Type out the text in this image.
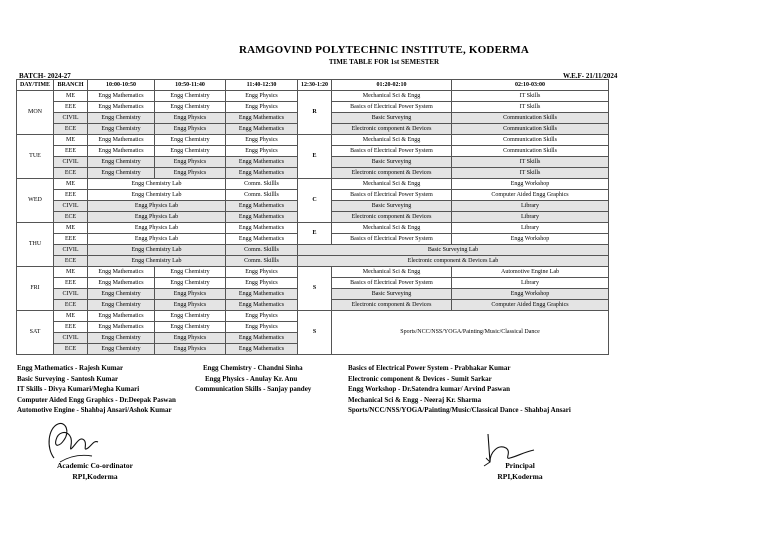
RAMGOVIND POLYTECHNIC INSTITUTE, KODERMA
TIME TABLE FOR 1st SEMESTER
BATCH- 2024-27	W.E.F- 21/11/2024
DAY/TIME	BRANCH	10:00-10:50	10:50-11:40	11:40-12:30	12:30-1:20	01:20-02:10	02:10-03:00
MON	ME	Engg Mathematics	Engg Chemistry	Engg Physics	R	Mechanical Sci & Engg	IT Skills
	EEE	Engg Mathematics	Engg Chemistry	Engg Physics		Basics of Electrical Power System	IT Skills
	CIVIL	Engg Chemistry	Engg Physics	Engg Mathematics		Basic Surveying	Communication Skills
	ECE	Engg Chemistry	Engg Physics	Engg Mathematics		Electronic component & Devices	Communication Skills
TUE	ME	Engg Mathematics	Engg Chemistry	Engg Physics	E	Mechanical Sci & Engg	Communication Skills
	EEE	Engg Mathematics	Engg Chemistry	Engg Physics		Basics of Electrical Power System	Communication Skills
	CIVIL	Engg Chemistry	Engg Physics	Engg Mathematics		Basic Surveying	IT Skills
	ECE	Engg Chemistry	Engg Physics	Engg Mathematics		Electronic component & Devices	IT Skills
WED	ME	Engg Chemistry Lab		Comm. Skillls	C	Mechanical Sci & Engg	Engg Workshop
	EEE	Engg Chemistry Lab		Comm. Skillls		Basics of Electrical Power System	Computer Aided Engg Graphics
	CIVIL	Engg Physics Lab		Engg Mathematics		Basic Surveying	Library
	ECE	Engg Physics Lab		Engg Mathematics		Electronic component & Devices	Library
THU	ME	Engg Physics Lab		Engg Mathematics	E	Mechanical Sci & Engg	Library
	EEE	Engg Physics Lab		Engg Mathematics		Basics of Electrical Power System	Engg Workshop
	CIVIL	Engg Chemistry Lab		Comm. Skillls	Basic Surveying Lab		
	ECE	Engg Chemistry Lab		Comm. Skillls	Electronic component & Devices Lab		
FRI	ME	Engg Mathematics	Engg Chemistry	Engg Physics	S	Mechanical Sci & Engg	Automotive Engine Lab
	EEE	Engg Mathematics	Engg Chemistry	Engg Physics		Basics of Electrical Power System	Library
	CIVIL	Engg Chemistry	Engg Physics	Engg Mathematics		Basic Surveying	Engg Workshop
	ECE	Engg Chemistry	Engg Physics	Engg Mathematics		Electronic component & Devices	Computer Aided Engg Graphics
SAT	ME	Engg Mathematics	Engg Chemistry	Engg Physics	S	Sports/NCC/NSS/YOGA/Painting/Music/Classical Dance	
	EEE	Engg Mathematics	Engg Chemistry	Engg Physics			
	CIVIL	Engg Chemistry	Engg Physics	Engg Mathematics			
	ECE	Engg Chemistry	Engg Physics	Engg Mathematics			
Engg Mathematics - Rajesh Kumar
Basic Surveying - Santosh Kumar
IT Skills - Divya Kumari/Megha Kumari
Computer Aided Engg Graphics - Dr.Deepak Paswan
Automotive Engine - Shahbaj Ansari/Ashok Kumar
Engg Chemistry - Chandni Sinha
Engg Physics - Anulay Kr. Anu
Communication Skills - Sanjay pandey
Basics of Electrical Power System - Prabhakar Kumar
Electronic component & Devices - Sumit Sarkar
Engg Workshop - Dr.Satendra kumar/ Arvind Paswan
Mechanical Sci & Engg - Neeraj Kr. Sharma
Sports/NCC/NSS/YOGA/Painting/Music/Classical Dance - Shahbaj Ansari
Academic Co-ordinator
RPI,Koderma
Principal
RPI,Koderma
